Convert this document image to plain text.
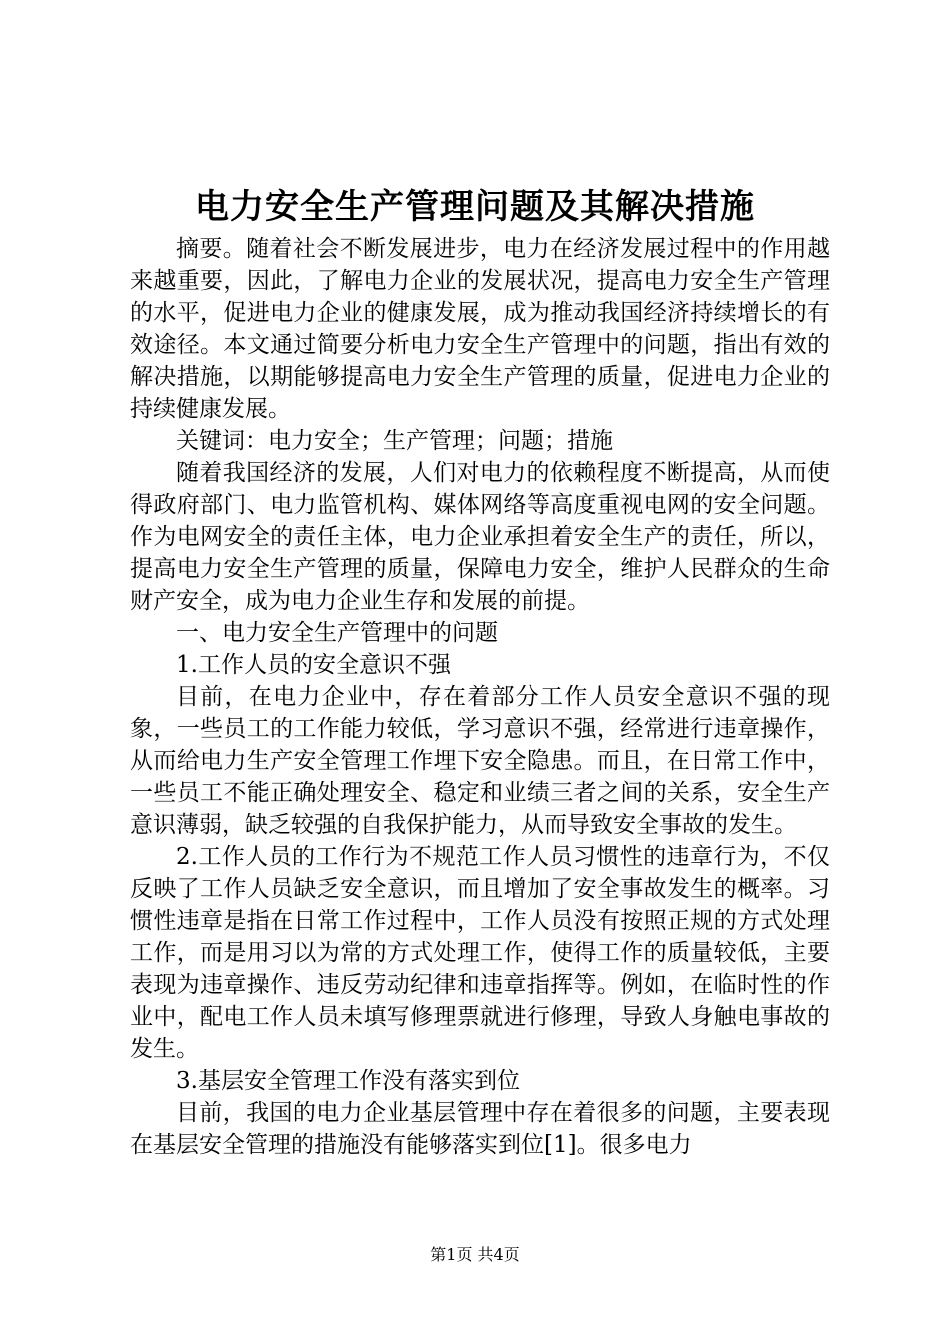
电力安全生产管理问题及其解决措施

摘要。随着社会不断发展进步，电力在经济发展过程中的作用越来越重要，因此，了解电力企业的发展状况，提高电力安全生产管理的水平，促进电力企业的健康发展，成为推动我国经济持续增长的有效途径。本文通过简要分析电力安全生产管理中的问题，指出有效的解决措施，以期能够提高电力安全生产管理的质量，促进电力企业的持续健康发展。

关键词：电力安全；生产管理；问题；措施

随着我国经济的发展，人们对电力的依赖程度不断提高，从而使得政府部门、电力监管机构、媒体网络等高度重视电网的安全问题。作为电网安全的责任主体，电力企业承担着安全生产的责任，所以，提高电力安全生产管理的质量，保障电力安全，维护人民群众的生命财产安全，成为电力企业生存和发展的前提。

一、电力安全生产管理中的问题

1.工作人员的安全意识不强

目前，在电力企业中，存在着部分工作人员安全意识不强的现象，一些员工的工作能力较低，学习意识不强，经常进行违章操作，从而给电力生产安全管理工作埋下安全隐患。而且，在日常工作中，一些员工不能正确处理安全、稳定和业绩三者之间的关系，安全生产意识薄弱，缺乏较强的自我保护能力，从而导致安全事故的发生。

2.工作人员的工作行为不规范工作人员习惯性的违章行为，不仅反映了工作人员缺乏安全意识，而且增加了安全事故发生的概率。习惯性违章是指在日常工作过程中，工作人员没有按照正规的方式处理工作，而是用习以为常的方式处理工作，使得工作的质量较低，主要表现为违章操作、违反劳动纪律和违章指挥等。例如，在临时性的作业中，配电工作人员未填写修理票就进行修理，导致人身触电事故的发生。

3.基层安全管理工作没有落实到位

目前，我国的电力企业基层管理中存在着很多的问题，主要表现在基层安全管理的措施没有能够落实到位[1]。很多电力

第1页 共4页
